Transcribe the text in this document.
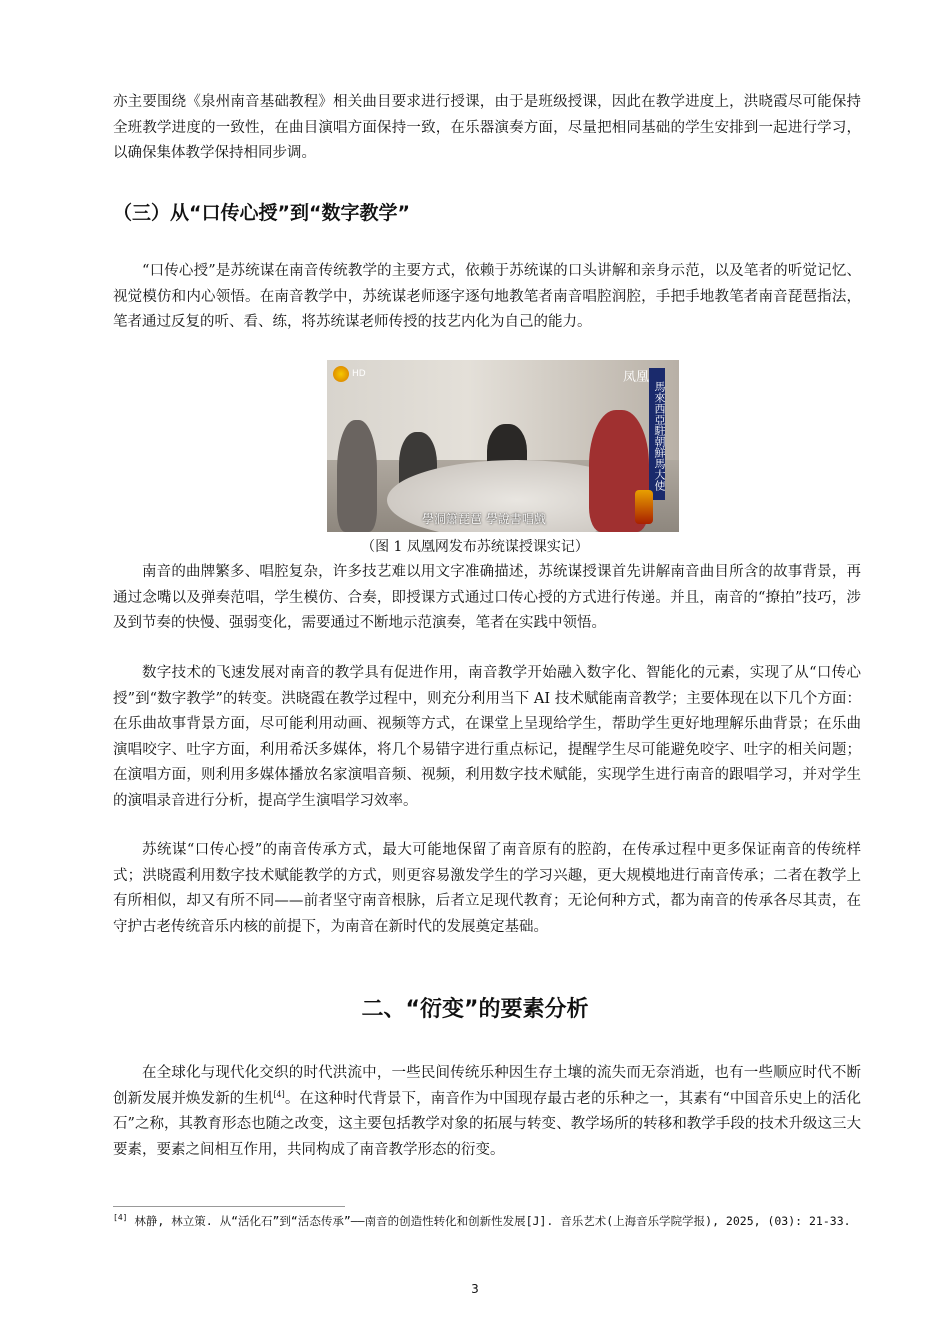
亦主要围绕《泉州南音基础教程》相关曲目要求进行授课，由于是班级授课，因此在教学进度上，洪晓霞尽可能保持全班教学进度的一致性，在曲目演唱方面保持一致，在乐器演奏方面，尽量把相同基础的学生安排到一起进行学习，以确保集体教学保持相同步调。

（三）从“口传心授”到“数字教学”

“口传心授”是苏统谋在南音传统教学的主要方式，依赖于苏统谋的口头讲解和亲身示范，以及笔者的听觉记忆、视觉模仿和内心领悟。在南音教学中，苏统谋老师逐字逐句地教笔者南音唱腔润腔，手把手地教笔者南音琵琶指法，笔者通过反复的听、看、练，将苏统谋老师传授的技艺内化为自己的能力。

HD	凤凰
馬來西亞駐朝鮮馬大使
學洞簫琵琶 學說書唱戲

（图 1 凤凰网发布苏统谋授课实记）

南音的曲牌繁多、唱腔复杂，许多技艺难以用文字准确描述，苏统谋授课首先讲解南音曲目所含的故事背景，再通过念嘴以及弹奏范唱，学生模仿、合奏，即授课方式通过口传心授的方式进行传递。并且，南音的“撩拍”技巧，涉及到节奏的快慢、强弱变化，需要通过不断地示范演奏，笔者在实践中领悟。

数字技术的飞速发展对南音的教学具有促进作用，南音教学开始融入数字化、智能化的元素，实现了从“口传心授”到“数字教学”的转变。洪晓霞在教学过程中，则充分利用当下 AI 技术赋能南音教学；主要体现在以下几个方面：在乐曲故事背景方面，尽可能利用动画、视频等方式，在课堂上呈现给学生，帮助学生更好地理解乐曲背景；在乐曲演唱咬字、吐字方面，利用希沃多媒体，将几个易错字进行重点标记，提醒学生尽可能避免咬字、吐字的相关问题；在演唱方面，则利用多媒体播放名家演唱音频、视频，利用数字技术赋能，实现学生进行南音的跟唱学习，并对学生的演唱录音进行分析，提高学生演唱学习效率。

苏统谋“口传心授”的南音传承方式，最大可能地保留了南音原有的腔韵，在传承过程中更多保证南音的传统样式；洪晓霞利用数字技术赋能教学的方式，则更容易激发学生的学习兴趣，更大规模地进行南音传承；二者在教学上有所相似，却又有所不同——前者坚守南音根脉，后者立足现代教育；无论何种方式，都为南音的传承各尽其责，在守护古老传统音乐内核的前提下，为南音在新时代的发展奠定基础。

二、“衍变”的要素分析

在全球化与现代化交织的时代洪流中，一些民间传统乐种因生存土壤的流失而无奈消逝，也有一些顺应时代不断创新发展并焕发新的生机[4]。在这种时代背景下，南音作为中国现存最古老的乐种之一，其素有“中国音乐史上的活化石”之称，其教育形态也随之改变，这主要包括教学对象的拓展与转变、教学场所的转移和教学手段的技术升级这三大要素，要素之间相互作用，共同构成了南音教学形态的衍变。

[4] 林静, 林立策. 从“活化石”到“活态传承”——南音的创造性转化和创新性发展[J]. 音乐艺术(上海音乐学院学报), 2025, (03): 21-33.

3
